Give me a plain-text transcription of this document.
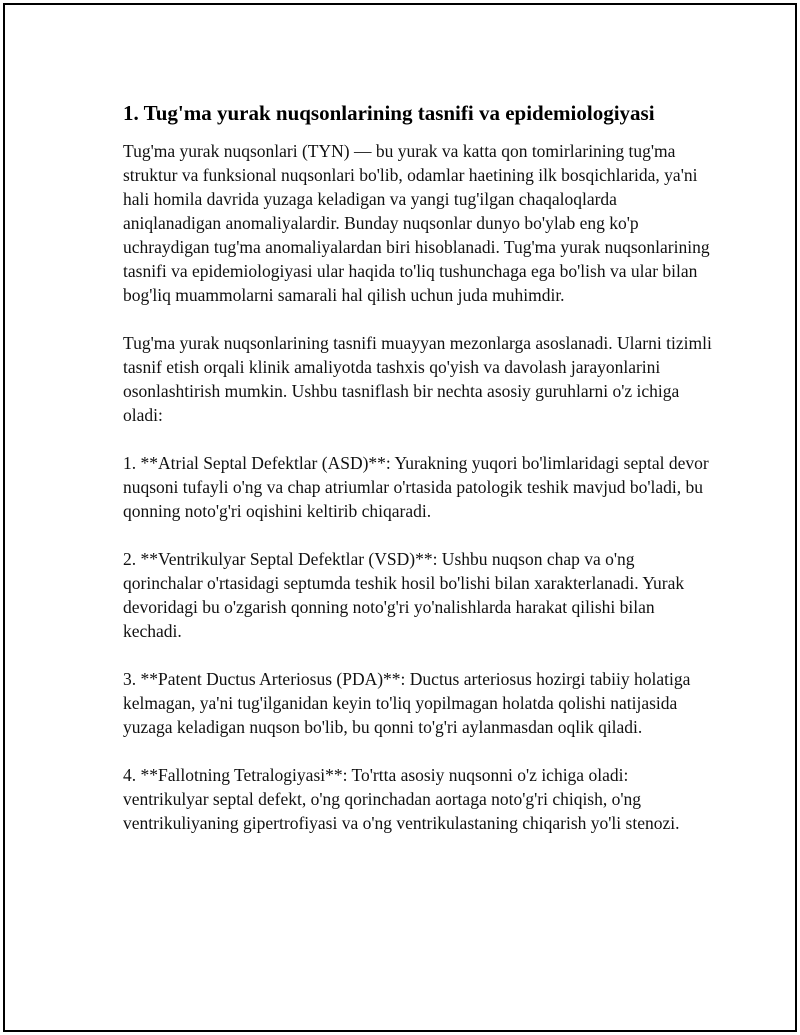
1. Tug'ma yurak nuqsonlarining tasnifi va epidemiologiyasi

Tug'ma yurak nuqsonlari (TYN) — bu yurak va katta qon tomirlarining tug'ma struktur va funksional nuqsonlari bo'lib, odamlar haetining ilk bosqichlarida, ya'ni hali homila davrida yuzaga keladigan va yangi tug'ilgan chaqaloqlarda aniqlanadigan anomaliyalardir. Bunday nuqsonlar dunyo bo'ylab eng ko'p uchraydigan tug'ma anomaliyalardan biri hisoblanadi. Tug'ma yurak nuqsonlarining tasnifi va epidemiologiyasi ular haqida to'liq tushunchaga ega bo'lish va ular bilan bog'liq muammolarni samarali hal qilish uchun juda muhimdir.

Tug'ma yurak nuqsonlarining tasnifi muayyan mezonlarga asoslanadi. Ularni tizimli tasnif etish orqali klinik amaliyotda tashxis qo'yish va davolash jarayonlarini osonlashtirish mumkin. Ushbu tasniflash bir nechta asosiy guruhlarni o'z ichiga oladi:

1. **Atrial Septal Defektlar (ASD)**: Yurakning yuqori bo'limlaridagi septal devor nuqsoni tufayli o'ng va chap atriumlar o'rtasida patologik teshik mavjud bo'ladi, bu qonning noto'g'ri oqishini keltirib chiqaradi.

2. **Ventrikulyar Septal Defektlar (VSD)**: Ushbu nuqson chap va o'ng qorinchalar o'rtasidagi septumda teshik hosil bo'lishi bilan xarakterlanadi. Yurak devoridagi bu o'zgarish qonning noto'g'ri yo'nalishlarda harakat qilishi bilan kechadi.

3. **Patent Ductus Arteriosus (PDA)**: Ductus arteriosus hozirgi tabiiy holatiga kelmagan, ya'ni tug'ilganidan keyin to'liq yopilmagan holatda qolishi natijasida yuzaga keladigan nuqson bo'lib, bu qonni to'g'ri aylanmasdan oqlik qiladi.

4. **Fallotning Tetralogiyasi**: To'rtta asosiy nuqsonni o'z ichiga oladi: ventrikulyar septal defekt, o'ng qorinchadan aortaga noto'g'ri chiqish, o'ng ventrikuliyaning gipertrofiyasi va o'ng ventrikulastaning chiqarish yo'li stenozi.
